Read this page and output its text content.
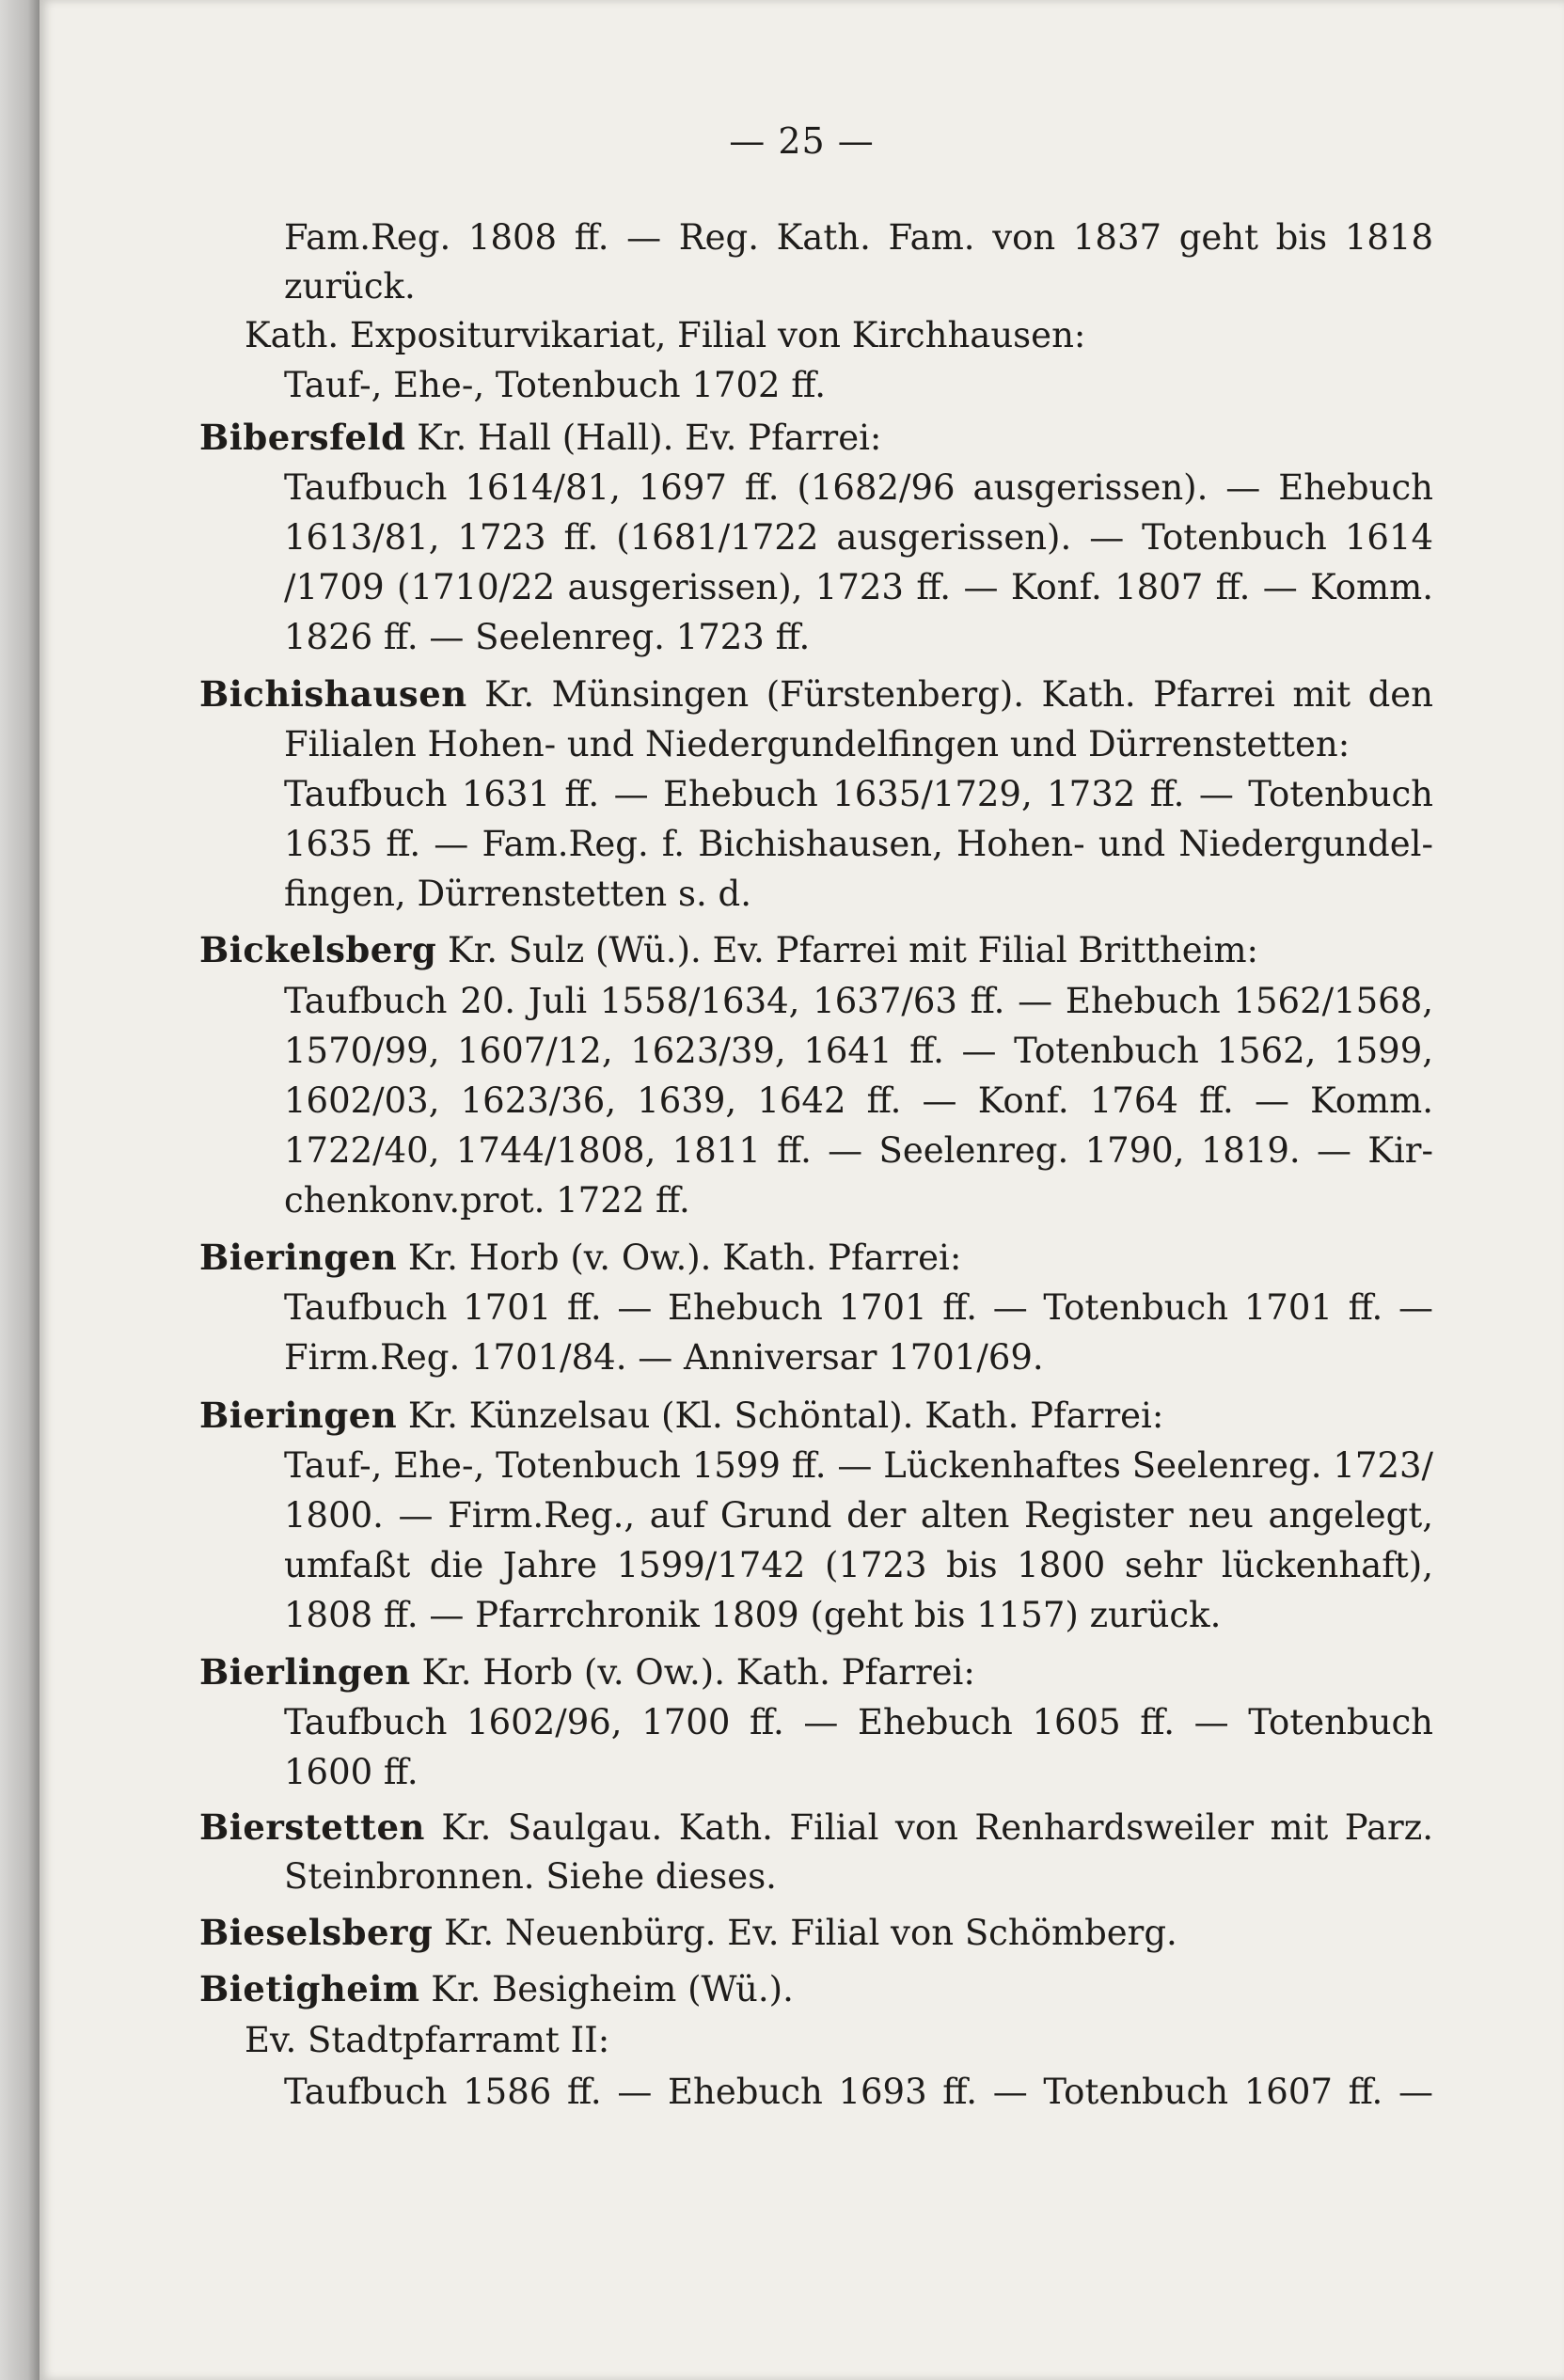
— 25 —
Fam.Reg. 1808 ff. — Reg. Kath. Fam. von 1837 geht bis 1818
zurück.
Kath. Expositurvikariat, Filial von Kirchhausen:
Tauf-, Ehe-, Totenbuch 1702 ff.
Bibersfeld Kr. Hall (Hall). Ev. Pfarrei:
Taufbuch 1614/81, 1697 ff. (1682/96 ausgerissen). — Ehebuch
1613/81, 1723 ff. (1681/1722 ausgerissen). — Totenbuch 1614
/1709 (1710/22 ausgerissen), 1723 ff. — Konf. 1807 ff. — Komm.
1826 ff. — Seelenreg. 1723 ff.
Bichishausen Kr. Münsingen (Fürstenberg). Kath. Pfarrei mit den
Filialen Hohen- und Niedergundelfingen und Dürrenstetten:
Taufbuch 1631 ff. — Ehebuch 1635/1729, 1732 ff. — Totenbuch
1635 ff. — Fam.Reg. f. Bichishausen, Hohen- und Niedergundel-
fingen, Dürrenstetten s. d.
Bickelsberg Kr. Sulz (Wü.). Ev. Pfarrei mit Filial Brittheim:
Taufbuch 20. Juli 1558/1634, 1637/63 ff. — Ehebuch 1562/1568,
1570/99, 1607/12, 1623/39, 1641 ff. — Totenbuch 1562, 1599,
1602/03, 1623/36, 1639, 1642 ff. — Konf. 1764 ff. — Komm.
1722/40, 1744/1808, 1811 ff. — Seelenreg. 1790, 1819. — Kir-
chenkonv.prot. 1722 ff.
Bieringen Kr. Horb (v. Ow.). Kath. Pfarrei:
Taufbuch 1701 ff. — Ehebuch 1701 ff. — Totenbuch 1701 ff. —
Firm.Reg. 1701/84. — Anniversar 1701/69.
Bieringen Kr. Künzelsau (Kl. Schöntal). Kath. Pfarrei:
Tauf-, Ehe-, Totenbuch 1599 ff. — Lückenhaftes Seelenreg. 1723/
1800. — Firm.Reg., auf Grund der alten Register neu angelegt,
umfaßt die Jahre 1599/1742 (1723 bis 1800 sehr lückenhaft),
1808 ff. — Pfarrchronik 1809 (geht bis 1157) zurück.
Bierlingen Kr. Horb (v. Ow.). Kath. Pfarrei:
Taufbuch 1602/96, 1700 ff. — Ehebuch 1605 ff. — Totenbuch
1600 ff.
Bierstetten Kr. Saulgau. Kath. Filial von Renhardsweiler mit Parz.
Steinbronnen. Siehe dieses.
Bieselsberg Kr. Neuenbürg. Ev. Filial von Schömberg.
Bietigheim Kr. Besigheim (Wü.).
Ev. Stadtpfarramt II:
Taufbuch 1586 ff. — Ehebuch 1693 ff. — Totenbuch 1607 ff. —
